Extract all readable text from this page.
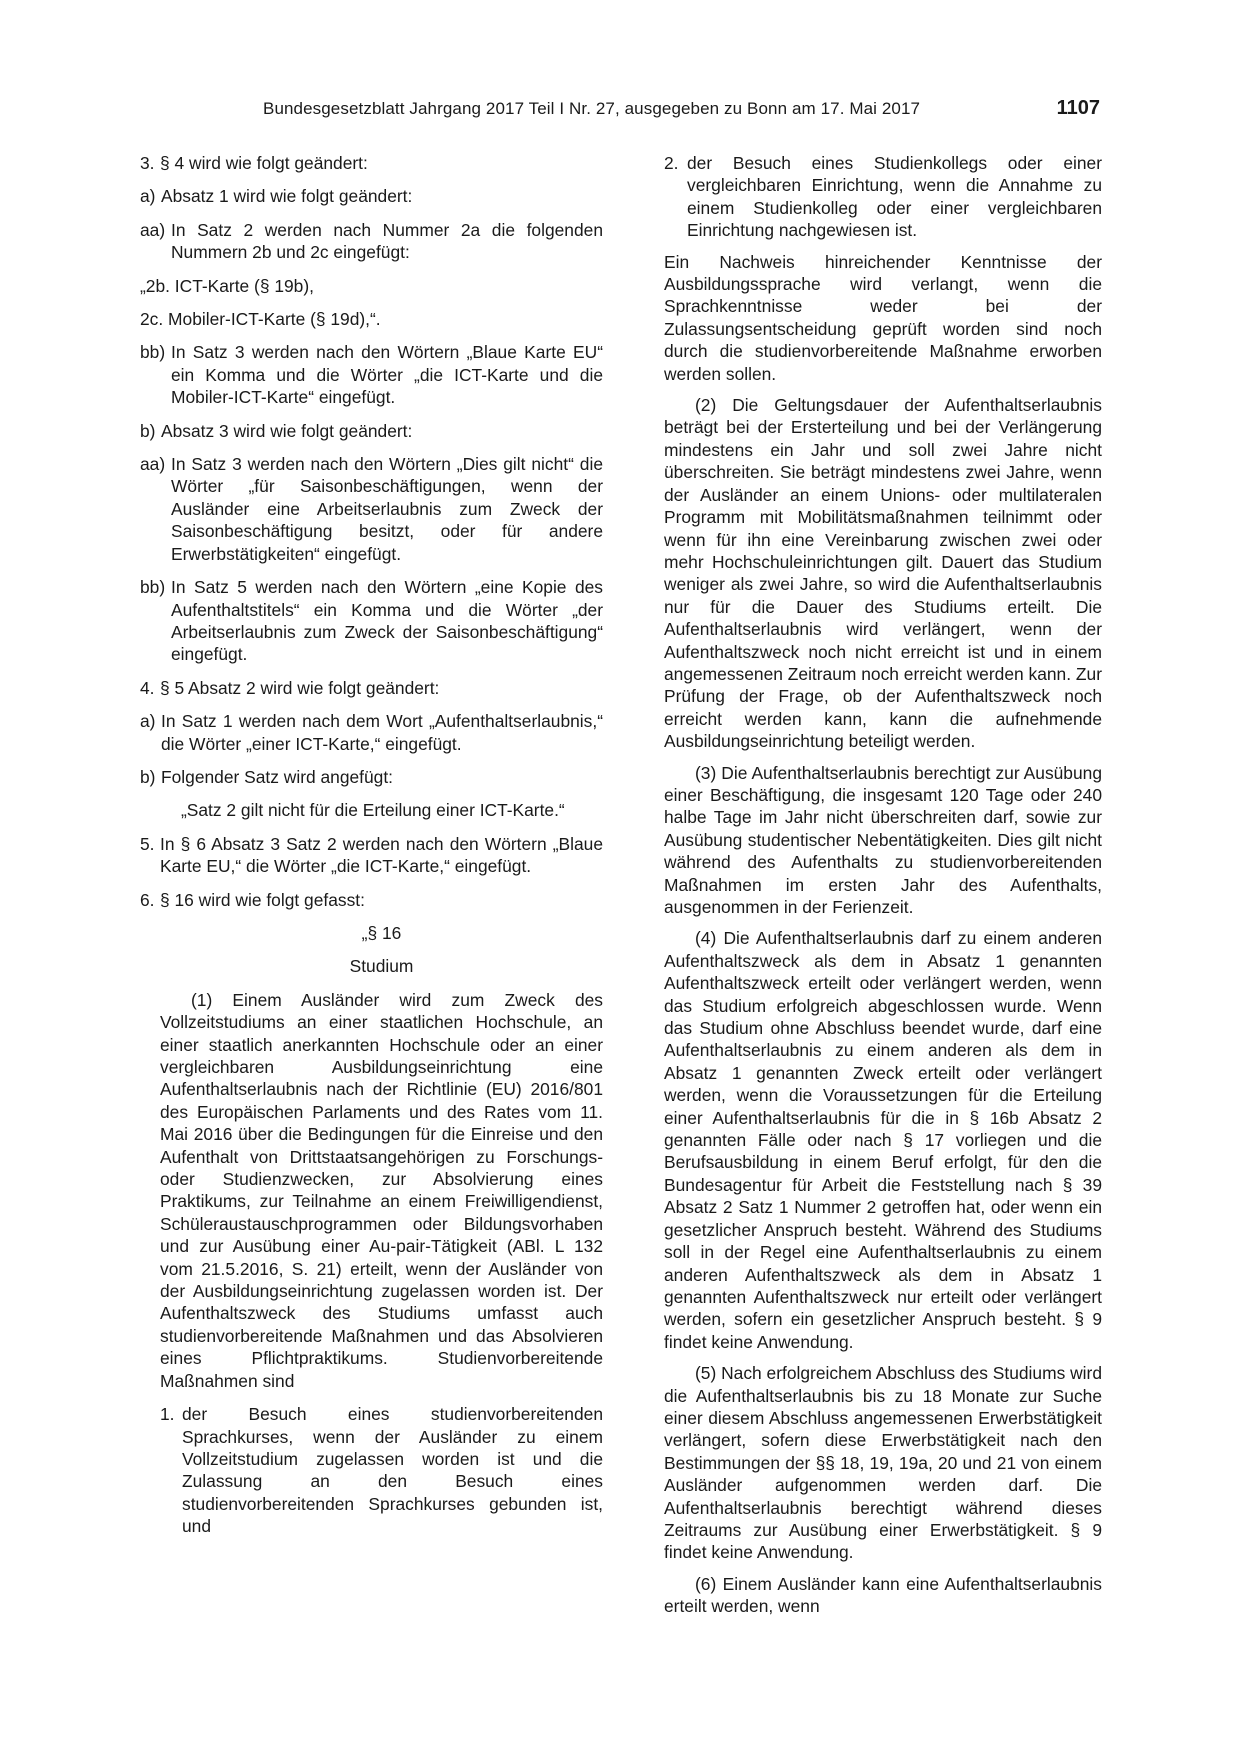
Bundesgesetzblatt Jahrgang 2017 Teil I Nr. 27, ausgegeben zu Bonn am 17. Mai 2017	1107
3. § 4 wird wie folgt geändert:
a) Absatz 1 wird wie folgt geändert:
aa) In Satz 2 werden nach Nummer 2a die folgenden Nummern 2b und 2c eingefügt:
„2b. ICT-Karte (§ 19b),
2c. Mobiler-ICT-Karte (§ 19d),“.
bb) In Satz 3 werden nach den Wörtern „Blaue Karte EU“ ein Komma und die Wörter „die ICT-Karte und die Mobiler-ICT-Karte“ eingefügt.
b) Absatz 3 wird wie folgt geändert:
aa) In Satz 3 werden nach den Wörtern „Dies gilt nicht“ die Wörter „für Saisonbeschäftigungen, wenn der Ausländer eine Arbeitserlaubnis zum Zweck der Saisonbeschäftigung besitzt, oder für andere Erwerbstätigkeiten“ eingefügt.
bb) In Satz 5 werden nach den Wörtern „eine Kopie des Aufenthaltstitels“ ein Komma und die Wörter „der Arbeitserlaubnis zum Zweck der Saisonbeschäftigung“ eingefügt.
4. § 5 Absatz 2 wird wie folgt geändert:
a) In Satz 1 werden nach dem Wort „Aufenthaltserlaubnis,“ die Wörter „einer ICT-Karte,“ eingefügt.
b) Folgender Satz wird angefügt:
„Satz 2 gilt nicht für die Erteilung einer ICT-Karte.“
5. In § 6 Absatz 3 Satz 2 werden nach den Wörtern „Blaue Karte EU,“ die Wörter „die ICT-Karte,“ eingefügt.
6. § 16 wird wie folgt gefasst:
„§ 16
Studium

(1) Einem Ausländer wird zum Zweck des Vollzeitstudiums an einer staatlichen Hochschule, an einer staatlich anerkannten Hochschule oder an einer vergleichbaren Ausbildungseinrichtung eine Aufenthaltserlaubnis nach der Richtlinie (EU) 2016/801 des Europäischen Parlaments und des Rates vom 11. Mai 2016 über die Bedingungen für die Einreise und den Aufenthalt von Drittstaatsangehörigen zu Forschungs- oder Studienzwecken, zur Absolvierung eines Praktikums, zur Teilnahme an einem Freiwilligendienst, Schüleraustauschprogrammen oder Bildungsvorhaben und zur Ausübung einer Au-pair-Tätigkeit (ABl. L 132 vom 21.5.2016, S. 21) erteilt, wenn der Ausländer von der Ausbildungseinrichtung zugelassen worden ist. Der Aufenthaltszweck des Studiums umfasst auch studienvorbereitende Maßnahmen und das Absolvieren eines Pflichtpraktikums. Studienvorbereitende Maßnahmen sind

1. der Besuch eines studienvorbereitenden Sprachkurses, wenn der Ausländer zu einem Vollzeitstudium zugelassen worden ist und die Zulassung an den Besuch eines studienvorbereitenden Sprachkurses gebunden ist, und
2. der Besuch eines Studienkollegs oder einer vergleichbaren Einrichtung, wenn die Annahme zu einem Studienkolleg oder einer vergleichbaren Einrichtung nachgewiesen ist.

Ein Nachweis hinreichender Kenntnisse der Ausbildungssprache wird verlangt, wenn die Sprachkenntnisse weder bei der Zulassungsentscheidung geprüft worden sind noch durch die studienvorbereitende Maßnahme erworben werden sollen.

(2) Die Geltungsdauer der Aufenthaltserlaubnis beträgt bei der Ersterteilung und bei der Verlängerung mindestens ein Jahr und soll zwei Jahre nicht überschreiten. Sie beträgt mindestens zwei Jahre, wenn der Ausländer an einem Unions- oder multilateralen Programm mit Mobilitätsmaßnahmen teilnimmt oder wenn für ihn eine Vereinbarung zwischen zwei oder mehr Hochschuleinrichtungen gilt. Dauert das Studium weniger als zwei Jahre, so wird die Aufenthaltserlaubnis nur für die Dauer des Studiums erteilt. Die Aufenthaltserlaubnis wird verlängert, wenn der Aufenthaltszweck noch nicht erreicht ist und in einem angemessenen Zeitraum noch erreicht werden kann. Zur Prüfung der Frage, ob der Aufenthaltszweck noch erreicht werden kann, kann die aufnehmende Ausbildungseinrichtung beteiligt werden.

(3) Die Aufenthaltserlaubnis berechtigt zur Ausübung einer Beschäftigung, die insgesamt 120 Tage oder 240 halbe Tage im Jahr nicht überschreiten darf, sowie zur Ausübung studentischer Nebentätigkeiten. Dies gilt nicht während des Aufenthalts zu studienvorbereitenden Maßnahmen im ersten Jahr des Aufenthalts, ausgenommen in der Ferienzeit.

(4) Die Aufenthaltserlaubnis darf zu einem anderen Aufenthaltszweck als dem in Absatz 1 genannten Aufenthaltszweck erteilt oder verlängert werden, wenn das Studium erfolgreich abgeschlossen wurde. Wenn das Studium ohne Abschluss beendet wurde, darf eine Aufenthaltserlaubnis zu einem anderen als dem in Absatz 1 genannten Zweck erteilt oder verlängert werden, wenn die Voraussetzungen für die Erteilung einer Aufenthaltserlaubnis für die in § 16b Absatz 2 genannten Fälle oder nach § 17 vorliegen und die Berufsausbildung in einem Beruf erfolgt, für den die Bundesagentur für Arbeit die Feststellung nach § 39 Absatz 2 Satz 1 Nummer 2 getroffen hat, oder wenn ein gesetzlicher Anspruch besteht. Während des Studiums soll in der Regel eine Aufenthaltserlaubnis zu einem anderen Aufenthaltszweck als dem in Absatz 1 genannten Aufenthaltszweck nur erteilt oder verlängert werden, sofern ein gesetzlicher Anspruch besteht. § 9 findet keine Anwendung.

(5) Nach erfolgreichem Abschluss des Studiums wird die Aufenthaltserlaubnis bis zu 18 Monate zur Suche einer diesem Abschluss angemessenen Erwerbstätigkeit verlängert, sofern diese Erwerbstätigkeit nach den Bestimmungen der §§ 18, 19, 19a, 20 und 21 von einem Ausländer aufgenommen werden darf. Die Aufenthaltserlaubnis berechtigt während dieses Zeitraums zur Ausübung einer Erwerbstätigkeit. § 9 findet keine Anwendung.

(6) Einem Ausländer kann eine Aufenthaltserlaubnis erteilt werden, wenn
